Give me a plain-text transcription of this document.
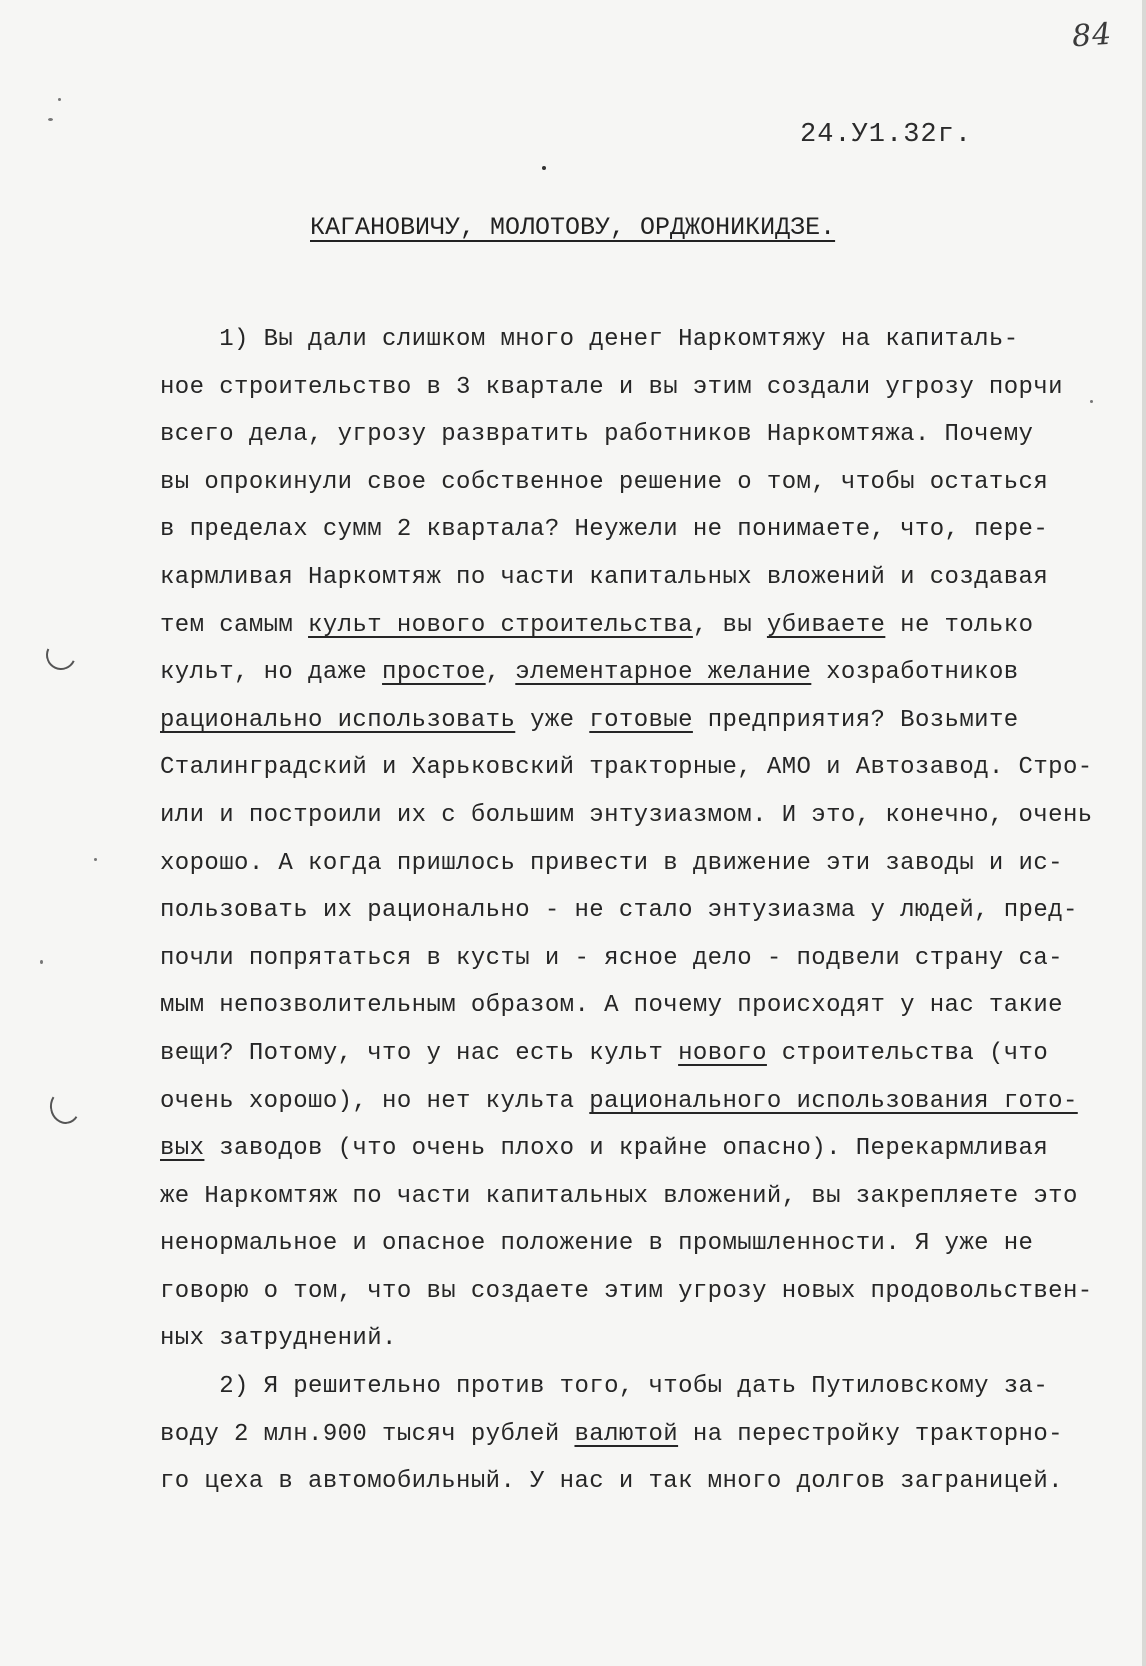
84
24.У1.32г.
КАГАНОВИЧУ, МОЛОТОВУ, ОРДЖОНИКИДЗЕ.
1) Вы дали слишком много денег Наркомтяжу на капиталь-
ное строительство в 3 квартале и вы этим создали угрозу порчи
всего дела, угрозу развратить работников Наркомтяжа. Почему
вы опрокинули свое собственное решение о том, чтобы остаться
в пределах сумм 2 квартала? Неужели не понимаете, что, пере-
кармливая Наркомтяж по части капитальных вложений и создавая
тем самым культ нового строительства, вы убиваете не только
культ, но даже простое, элементарное желание хозработников
рационально использовать уже готовые предприятия? Возьмите
Сталинградский и Харьковский тракторные, АМО и Автозавод. Стро-
или и построили их с большим энтузиазмом. И это, конечно, очень
хорошо. А когда пришлось привести в движение эти заводы и ис-
пользовать их рационально - не стало энтузиазма у людей, пред-
почли попрятаться в кусты и - ясное дело - подвели страну са-
мым непозволительным образом. А почему происходят у нас такие
вещи? Потому, что у нас есть культ нового строительства (что
очень хорошо), но нет культа рационального использования гото-
вых заводов (что очень плохо и крайне опасно). Перекармливая
же Наркомтяж по части капитальных вложений, вы закрепляете это
ненормальное и опасное положение в промышленности. Я уже не
говорю о том, что вы создаете этим угрозу новых продовольствен-
ных затруднений.
2) Я решительно против того, чтобы дать Путиловскому за-
воду 2 млн.900 тысяч рублей валютой на перестройку тракторно-
го цеха в автомобильный. У нас и так много долгов заграницей.
